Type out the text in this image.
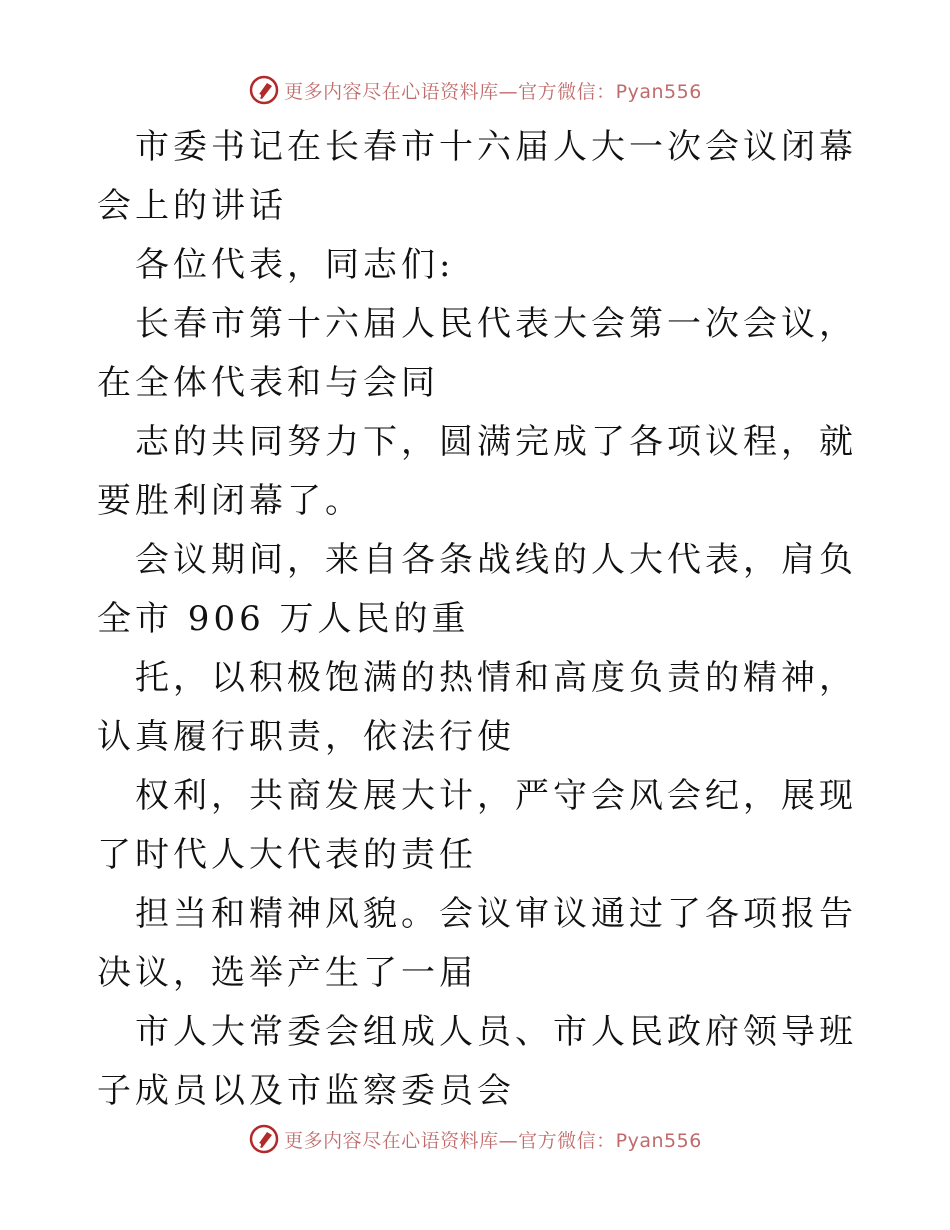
更多内容尽在心语资料库—官方微信：Pyan556

市委书记在长春市十六届人大一次会议闭幕会上的讲话

各位代表，同志们:

长春市第十六届人民代表大会第一次会议，在全体代表和与会同

志的共同努力下，圆满完成了各项议程，就要胜利闭幕了。

会议期间，来自各条战线的人大代表，肩负全市 906 万人民的重

托，以积极饱满的热情和高度负责的精神，认真履行职责，依法行使

权利，共商发展大计，严守会风会纪，展现了时代人大代表的责任

担当和精神风貌。会议审议通过了各项报告决议，选举产生了一届

市人大常委会组成人员、市人民政府领导班子成员以及市监察委员会

更多内容尽在心语资料库—官方微信：Pyan556
